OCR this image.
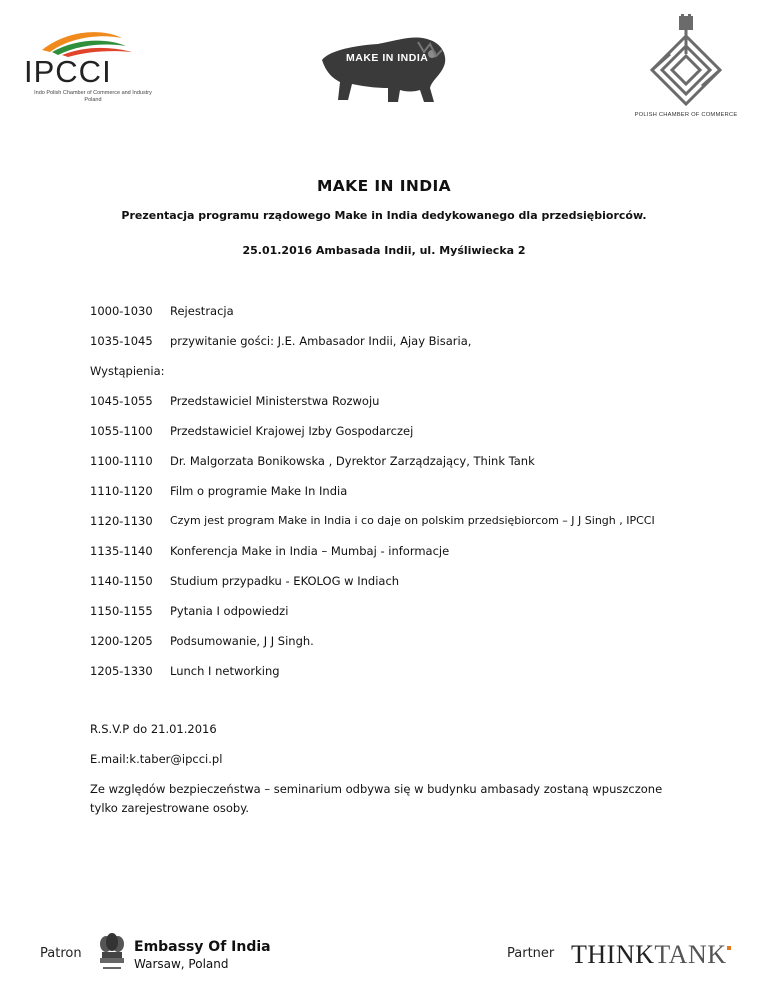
IPCCI
Indo Polish Chamber of Commerce and Industry
Poland
MAKE IN INDIA
POLISH CHAMBER OF COMMERCE
MAKE IN INDIA
Prezentacja programu rządowego Make in India dedykowanego dla przedsiębiorców.
25.01.2016 Ambasada Indii, ul. Myśliwiecka 2
1000-1030 Rejestracja
1035-1045 przywitanie gości: J.E. Ambasador Indii, Ajay Bisaria,
Wystąpienia:
1045-1055 Przedstawiciel Ministerstwa Rozwoju
1055-1100 Przedstawiciel Krajowej Izby Gospodarczej
1100-1110 Dr. Malgorzata Bonikowska , Dyrektor Zarządzający, Think Tank
1110-1120 Film o programie Make In India
1120-1130 Czym jest program Make in India i co daje on polskim przedsiębiorcom – J J Singh , IPCCI
1135-1140 Konferencja Make in India – Mumbaj - informacje
1140-1150 Studium przypadku - EKOLOG w Indiach
1150-1155 Pytania I odpowiedzi
1200-1205 Podsumowanie, J J Singh.
1205-1330 Lunch I networking
R.S.V.P do 21.01.2016
E.mail:k.taber@ipcci.pl
Ze względów bezpieczeństwa – seminarium odbywa się w budynku ambasady zostaną wpuszczone
tylko zarejestrowane osoby.
Patron	Embassy Of India
Warsaw, Poland
Partner THINKTANK
